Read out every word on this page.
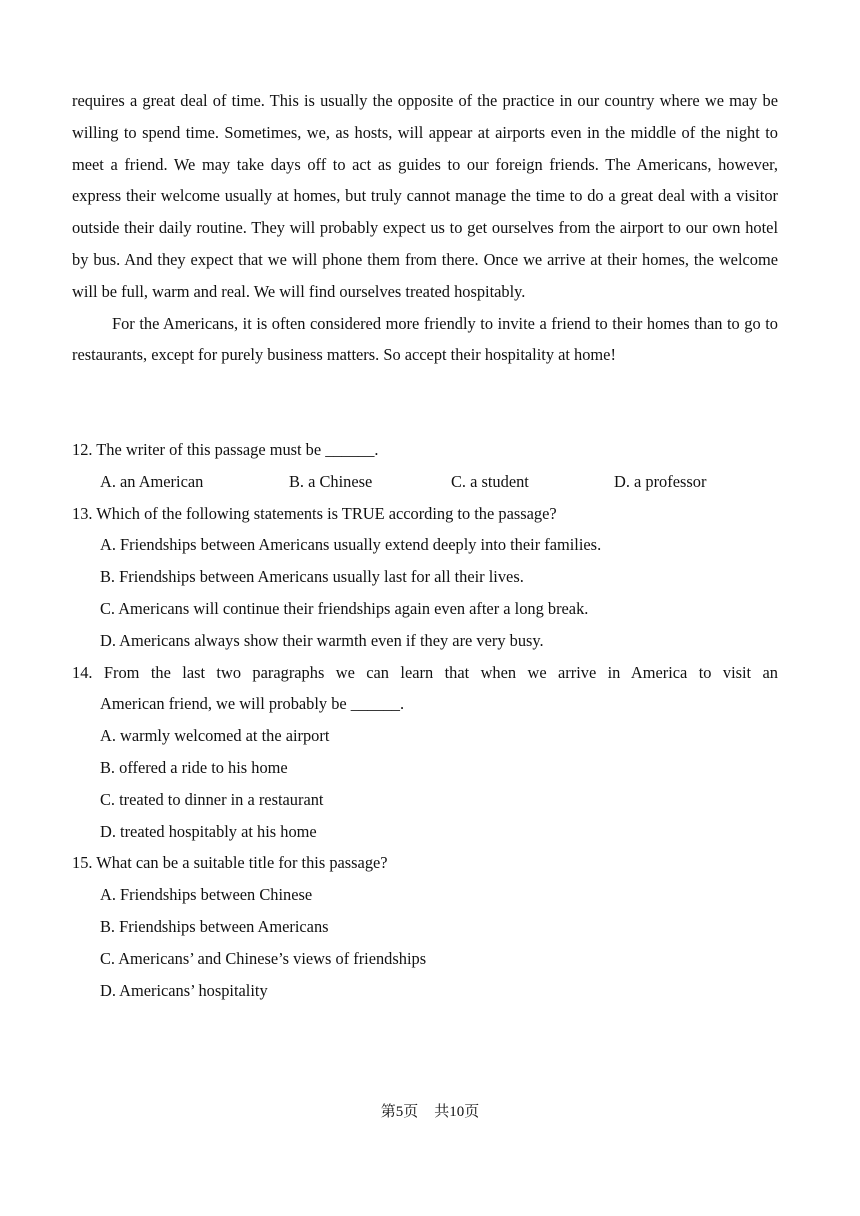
requires a great deal of time. This is usually the opposite of the practice in our country where we may be willing to spend time. Sometimes, we, as hosts, will appear at airports even in the middle of the night to meet a friend. We may take days off to act as guides to our foreign friends. The Americans, however, express their welcome usually at homes, but truly cannot manage the time to do a great deal with a visitor outside their daily routine. They will probably expect us to get ourselves from the airport to our own hotel by bus. And they expect that we will phone them from there. Once we arrive at their homes, the welcome will be full, warm and real. We will find ourselves treated hospitably.

For the Americans, it is often considered more friendly to invite a friend to their homes than to go to restaurants, except for purely business matters. So accept their hospitality at home!

12. The writer of this passage must be ______.
A. an American	B. a Chinese	C. a student	D. a professor
13. Which of the following statements is TRUE according to the passage?
A. Friendships between Americans usually extend deeply into their families.
B. Friendships between Americans usually last for all their lives.
C. Americans will continue their friendships again even after a long break.
D. Americans always show their warmth even if they are very busy.
14. From the last two paragraphs we can learn that when we arrive in America to visit an
American friend, we will probably be ______.
A. warmly welcomed at the airport
B. offered a ride to his home
C. treated to dinner in a restaurant
D. treated hospitably at his home
15. What can be a suitable title for this passage?
A. Friendships between Chinese
B. Friendships between Americans
C. Americans’ and Chinese’s views of friendships
D. Americans’ hospitality
第5页 共10页
